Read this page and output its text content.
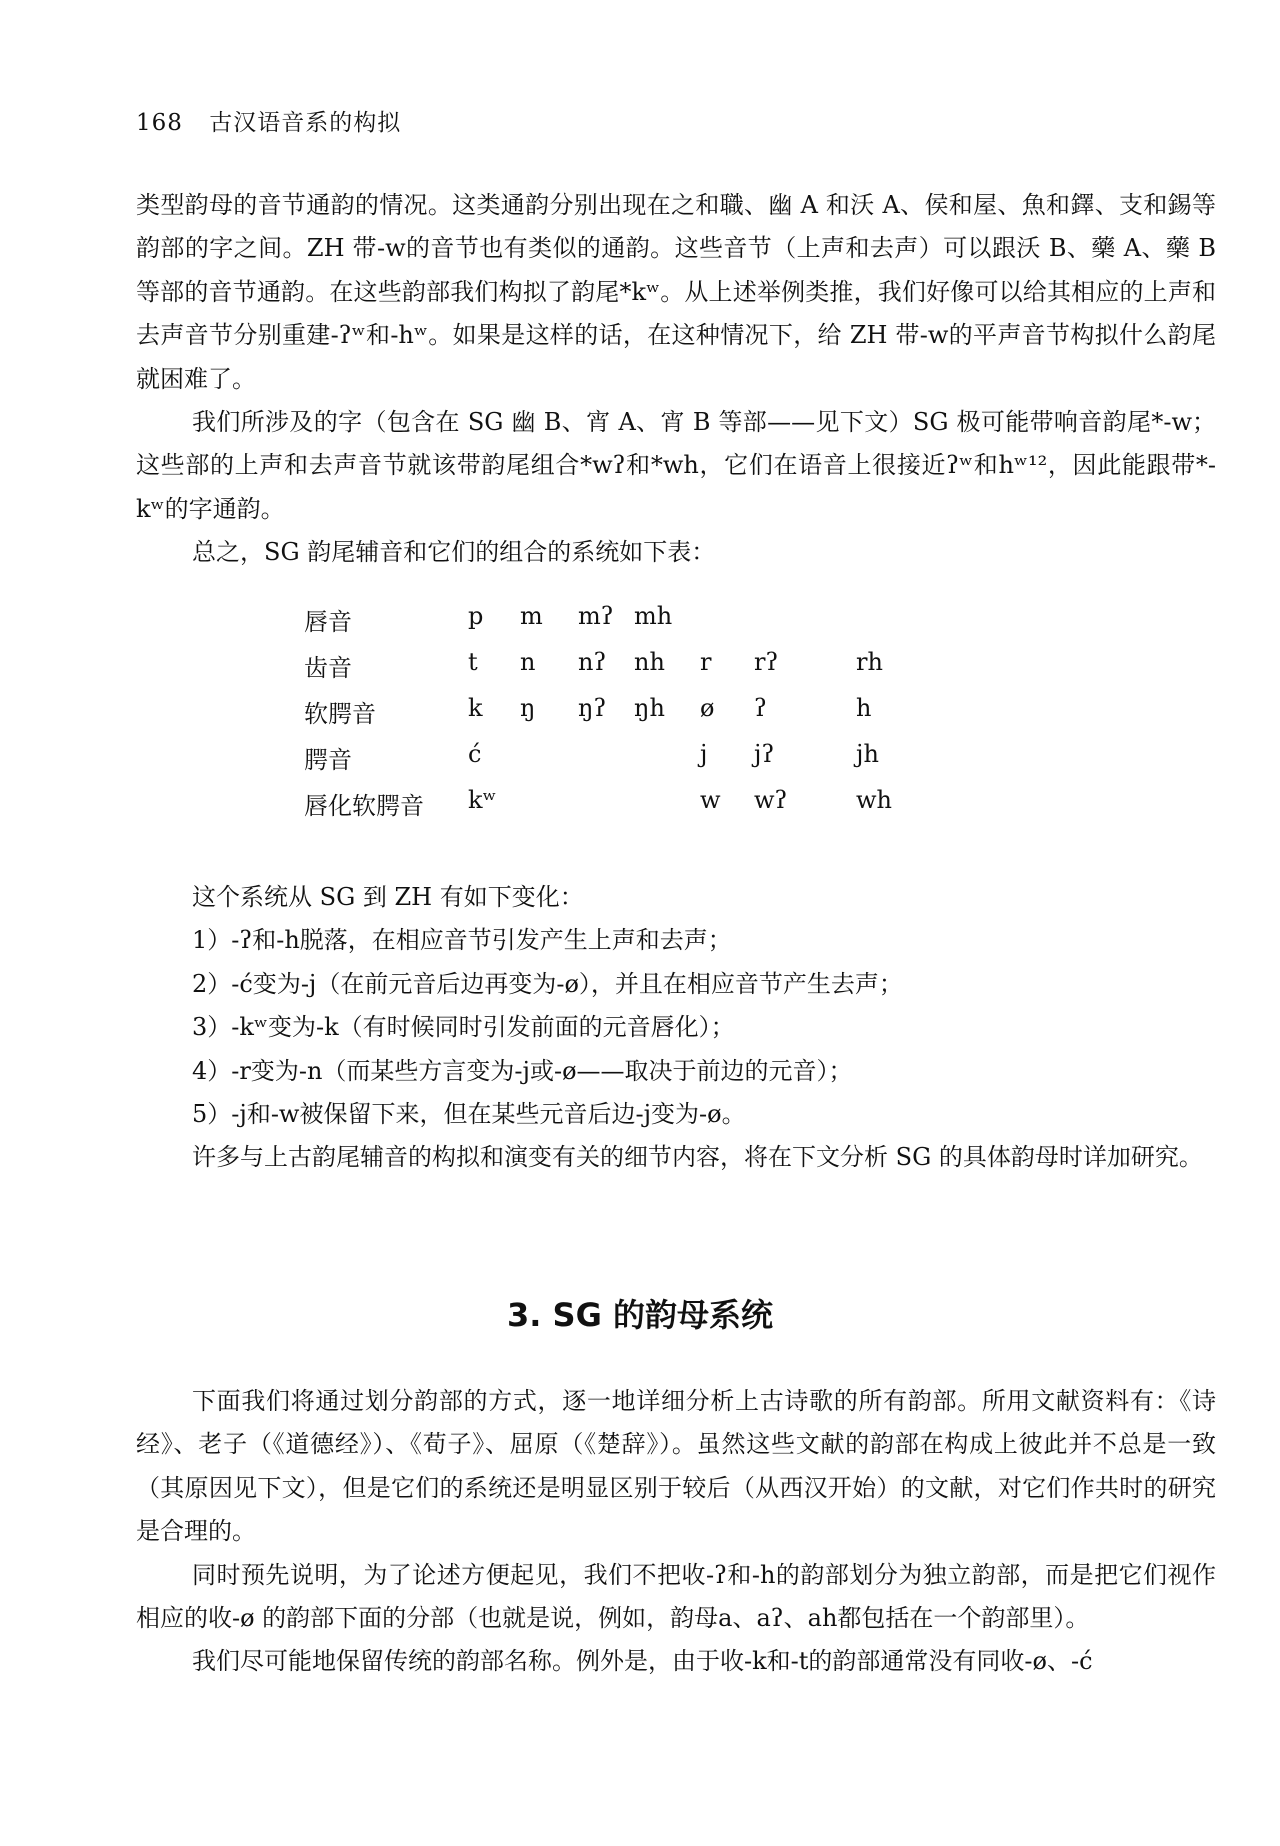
168 古汉语音系的构拟

类型韵母的音节通韵的情况。这类通韵分别出现在之和職、幽 A 和沃 A、侯和屋、魚和鐸、支和錫等韵部的字之间。ZH 带-w的音节也有类似的通韵。这些音节（上声和去声）可以跟沃 B、藥 A、藥 B 等部的音节通韵。在这些韵部我们构拟了韵尾*kʷ。从上述举例类推，我们好像可以给其相应的上声和去声音节分别重建-ʔʷ和-hʷ。如果是这样的话，在这种情况下，给 ZH 带-w的平声音节构拟什么韵尾就困难了。

我们所涉及的字（包含在 SG 幽 B、宵 A、宵 B 等部——见下文）SG 极可能带响音韵尾*-w；这些部的上声和去声音节就该带韵尾组合*wʔ和*wh，它们在语音上很接近ʔʷ和hʷ¹²，因此能跟带*-kʷ的字通韵。

总之，SG 韵尾辅音和它们的组合的系统如下表：

唇音	p m mʔ mh
齿音	t n nʔ nh r rʔ	rh
软腭音	k ŋ ŋʔ ŋh ø ʔ	h
腭音	ć	j jʔ	jh
唇化软腭音 kʷ	w wʔ	wh

这个系统从 SG 到 ZH 有如下变化：

1）-ʔ和-h脱落，在相应音节引发产生上声和去声；

2）-ć变为-j（在前元音后边再变为-ø），并且在相应音节产生去声；

3）-kʷ变为-k（有时候同时引发前面的元音唇化）；

4）-r变为-n（而某些方言变为-j或-ø——取决于前边的元音）；

5）-j和-w被保留下来，但在某些元音后边-j变为-ø。

许多与上古韵尾辅音的构拟和演变有关的细节内容，将在下文分析 SG 的具体韵母时详加研究。

3. SG 的韵母系统

下面我们将通过划分韵部的方式，逐一地详细分析上古诗歌的所有韵部。所用文献资料有：《诗经》、老子（《道德经》）、《荀子》、屈原（《楚辞》）。虽然这些文献的韵部在构成上彼此并不总是一致（其原因见下文），但是它们的系统还是明显区别于较后（从西汉开始）的文献，对它们作共时的研究是合理的。

同时预先说明，为了论述方便起见，我们不把收-ʔ和-h的韵部划分为独立韵部，而是把它们视作相应的收-ø 的韵部下面的分部（也就是说，例如，韵母a、aʔ、ah都包括在一个韵部里）。

我们尽可能地保留传统的韵部名称。例外是，由于收-k和-t的韵部通常没有同收-ø、-ć
